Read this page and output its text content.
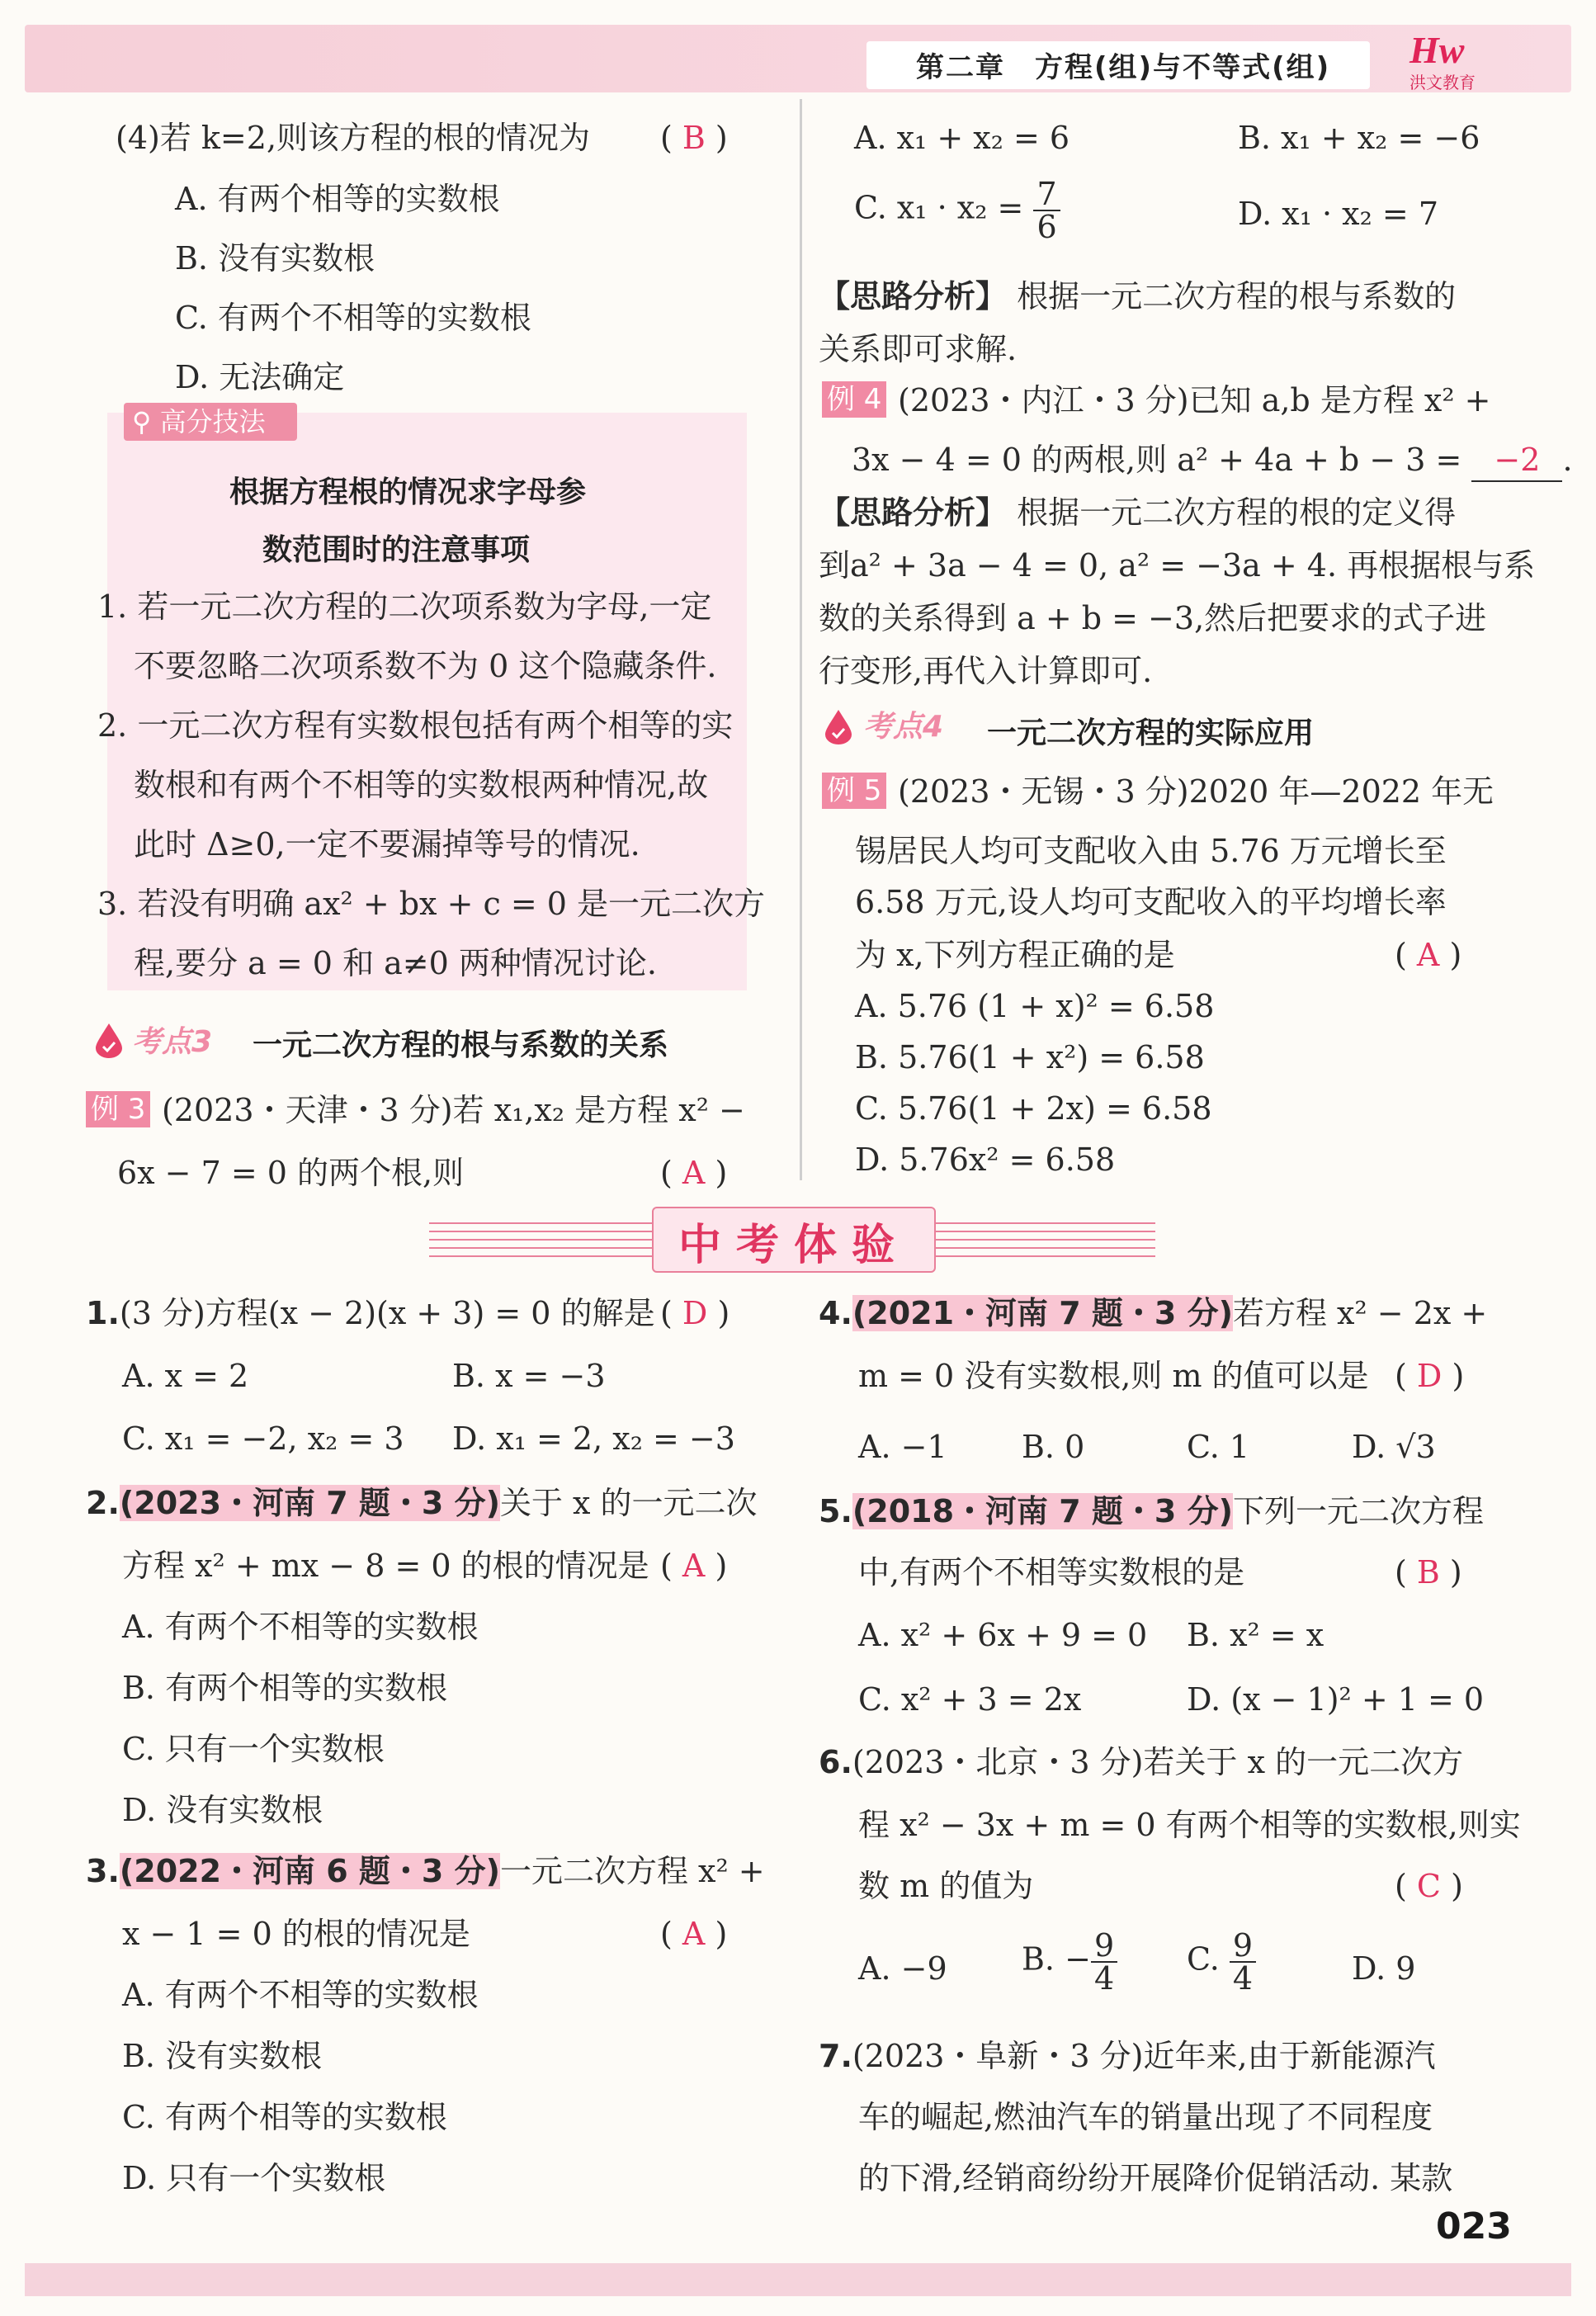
第二章　方程(组)与不等式(组) Hw
洪文教育
(4)若 k=2,则该方程的根的情况为 ( B )
A. 有两个相等的实数根
B. 没有实数根
C. 有两个不相等的实数根
D. 无法确定
⚲ 高分技法
根据方程根的情况求字母参
数范围时的注意事项
1. 若一元二次方程的二次项系数为字母,一定
不要忽略二次项系数不为 0 这个隐藏条件.
2. 一元二次方程有实数根包括有两个相等的实
数根和有两个不相等的实数根两种情况,故
此时 Δ≥0,一定不要漏掉等号的情况.
3. 若没有明确 ax² + bx + c = 0 是一元二次方
程,要分 a = 0 和 a≠0 两种情况讨论.
考点3 一元二次方程的根与系数的关系
例 3 (2023・天津・3 分)若 x₁,x₂ 是方程 x² −
6x − 7 = 0 的两个根,则	( A )
A. x₁ + x₂ = 6	B. x₁ + x₂ = −6
C. $x_1 \cdot x_2 = \frac{7}{6}$	D. x₁ · x₂ = 7
【思路分析】 根据一元二次方程的根与系数的
关系即可求解.
例 4 (2023・内江・3 分)已知 a,b 是方程 x² +
3x − 4 = 0 的两根,则 a² + 4a + b − 3 = −2 .
【思路分析】 根据一元二次方程的根的定义得
到a² + 3a − 4 = 0, a² = −3a + 4. 再根据根与系
数的关系得到 a + b = −3,然后把要求的式子进
行变形,再代入计算即可.
考点4 一元二次方程的实际应用
例 5 (2023・无锡・3 分)2020 年—2022 年无
锡居民人均可支配收入由 5.76 万元增长至
6.58 万元,设人均可支配收入的平均增长率
为 x,下列方程正确的是	( A )
A. 5.76 (1 + x)² = 6.58
B. 5.76(1 + x²) = 6.58
C. 5.76(1 + 2x) = 6.58
D. 5.76x² = 6.58
中考体验
1.(3 分)方程(x − 2)(x + 3) = 0 的解是 ( D )
A. x = 2	B. x = −3
C. x₁ = −2, x₂ = 3 D. x₁ = 2, x₂ = −3
2.(2023・河南 7 题・3 分)关于 x 的一元二次
方程 x² + mx − 8 = 0 的根的情况是 ( A )
A. 有两个不相等的实数根
B. 有两个相等的实数根
C. 只有一个实数根
D. 没有实数根
3.(2022・河南 6 题・3 分)一元二次方程 x² +
x − 1 = 0 的根的情况是	( A )
A. 有两个不相等的实数根
B. 没有实数根
C. 有两个相等的实数根
D. 只有一个实数根
4.(2021・河南 7 题・3 分)若方程 x² − 2x +
m = 0 没有实数根,则 m 的值可以是 ( D )
A. −1 B. 0	C. 1	D. √3
5.(2018・河南 7 题・3 分)下列一元二次方程
中,有两个不相等实数根的是	( B )
A. x² + 6x + 9 = 0 B. x² = x
C. x² + 3 = 2x	D. (x − 1)² + 1 = 0
6.(2023・北京・3 分)若关于 x 的一元二次方
程 x² − 3x + m = 0 有两个相等的实数根,则实
数 m 的值为	( C )
A. −9 B. − $\frac{9}{4} C$. $\frac{9}{4}$	D. 9
7.(2023・阜新・3 分)近年来,由于新能源汽
车的崛起,燃油汽车的销量出现了不同程度
的下滑,经销商纷纷开展降价促销活动. 某款
023
